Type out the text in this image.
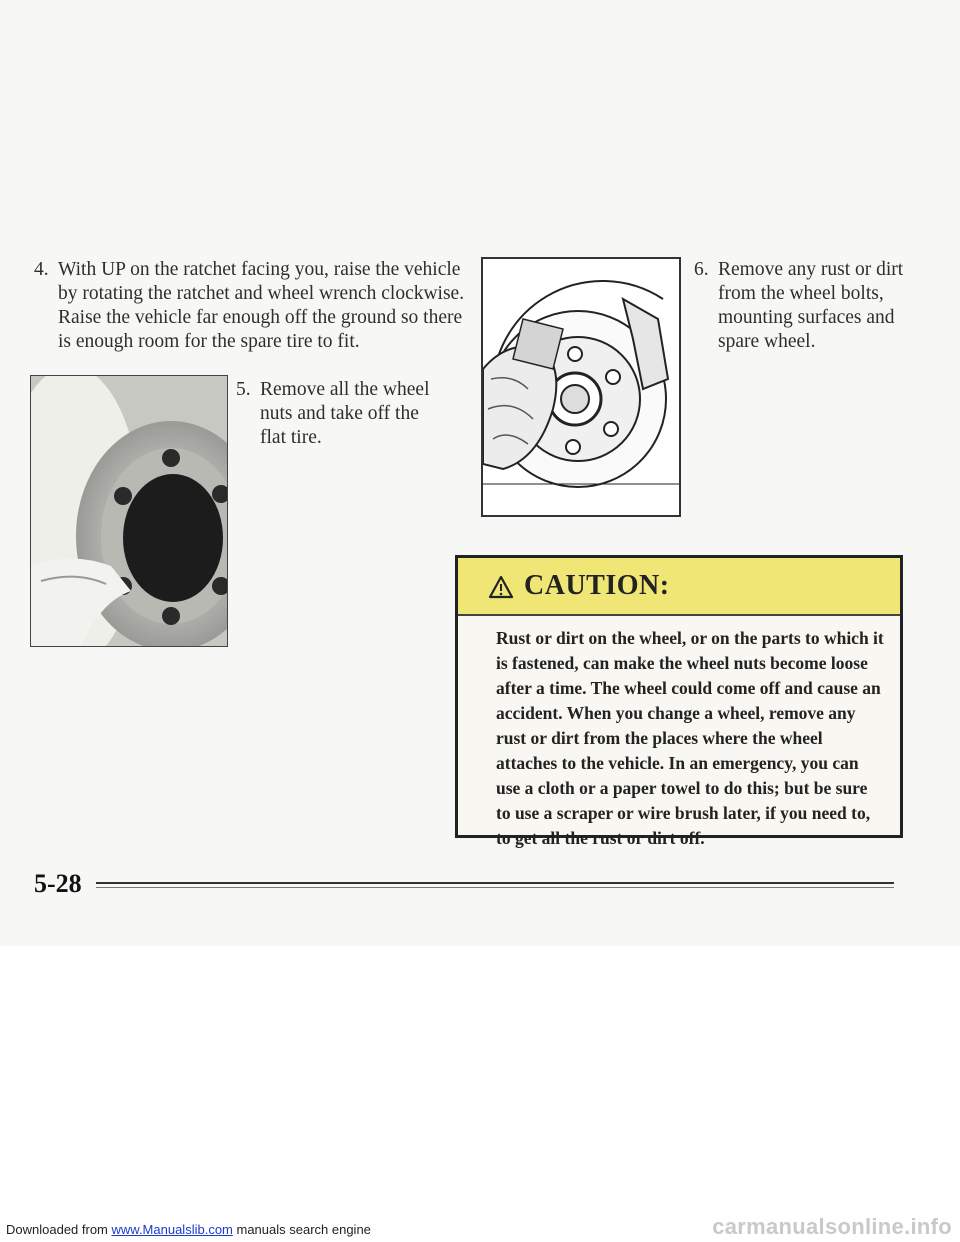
4. With UP on the ratchet facing you, raise the vehicle by rotating the ratchet and wheel wrench clockwise. Raise the vehicle far enough off the ground so there is enough room for the spare tire to fit.
5. Remove all the wheel nuts and take off the flat tire.
6. Remove any rust or dirt from the wheel bolts, mounting surfaces and spare wheel.
CAUTION:
Rust or dirt on the wheel, or on the parts to which it is fastened, can make the wheel nuts become loose after a time. The wheel could come off and cause an accident. When you change a wheel, remove any rust or dirt from the places where the wheel attaches to the vehicle. In an emergency, you can use a cloth or a paper towel to do this; but be sure to use a scraper or wire brush later, if you need to, to get all the rust or dirt off.
5-28
Downloaded from www.Manualslib.com manuals search engine	carmanualsonline.info
